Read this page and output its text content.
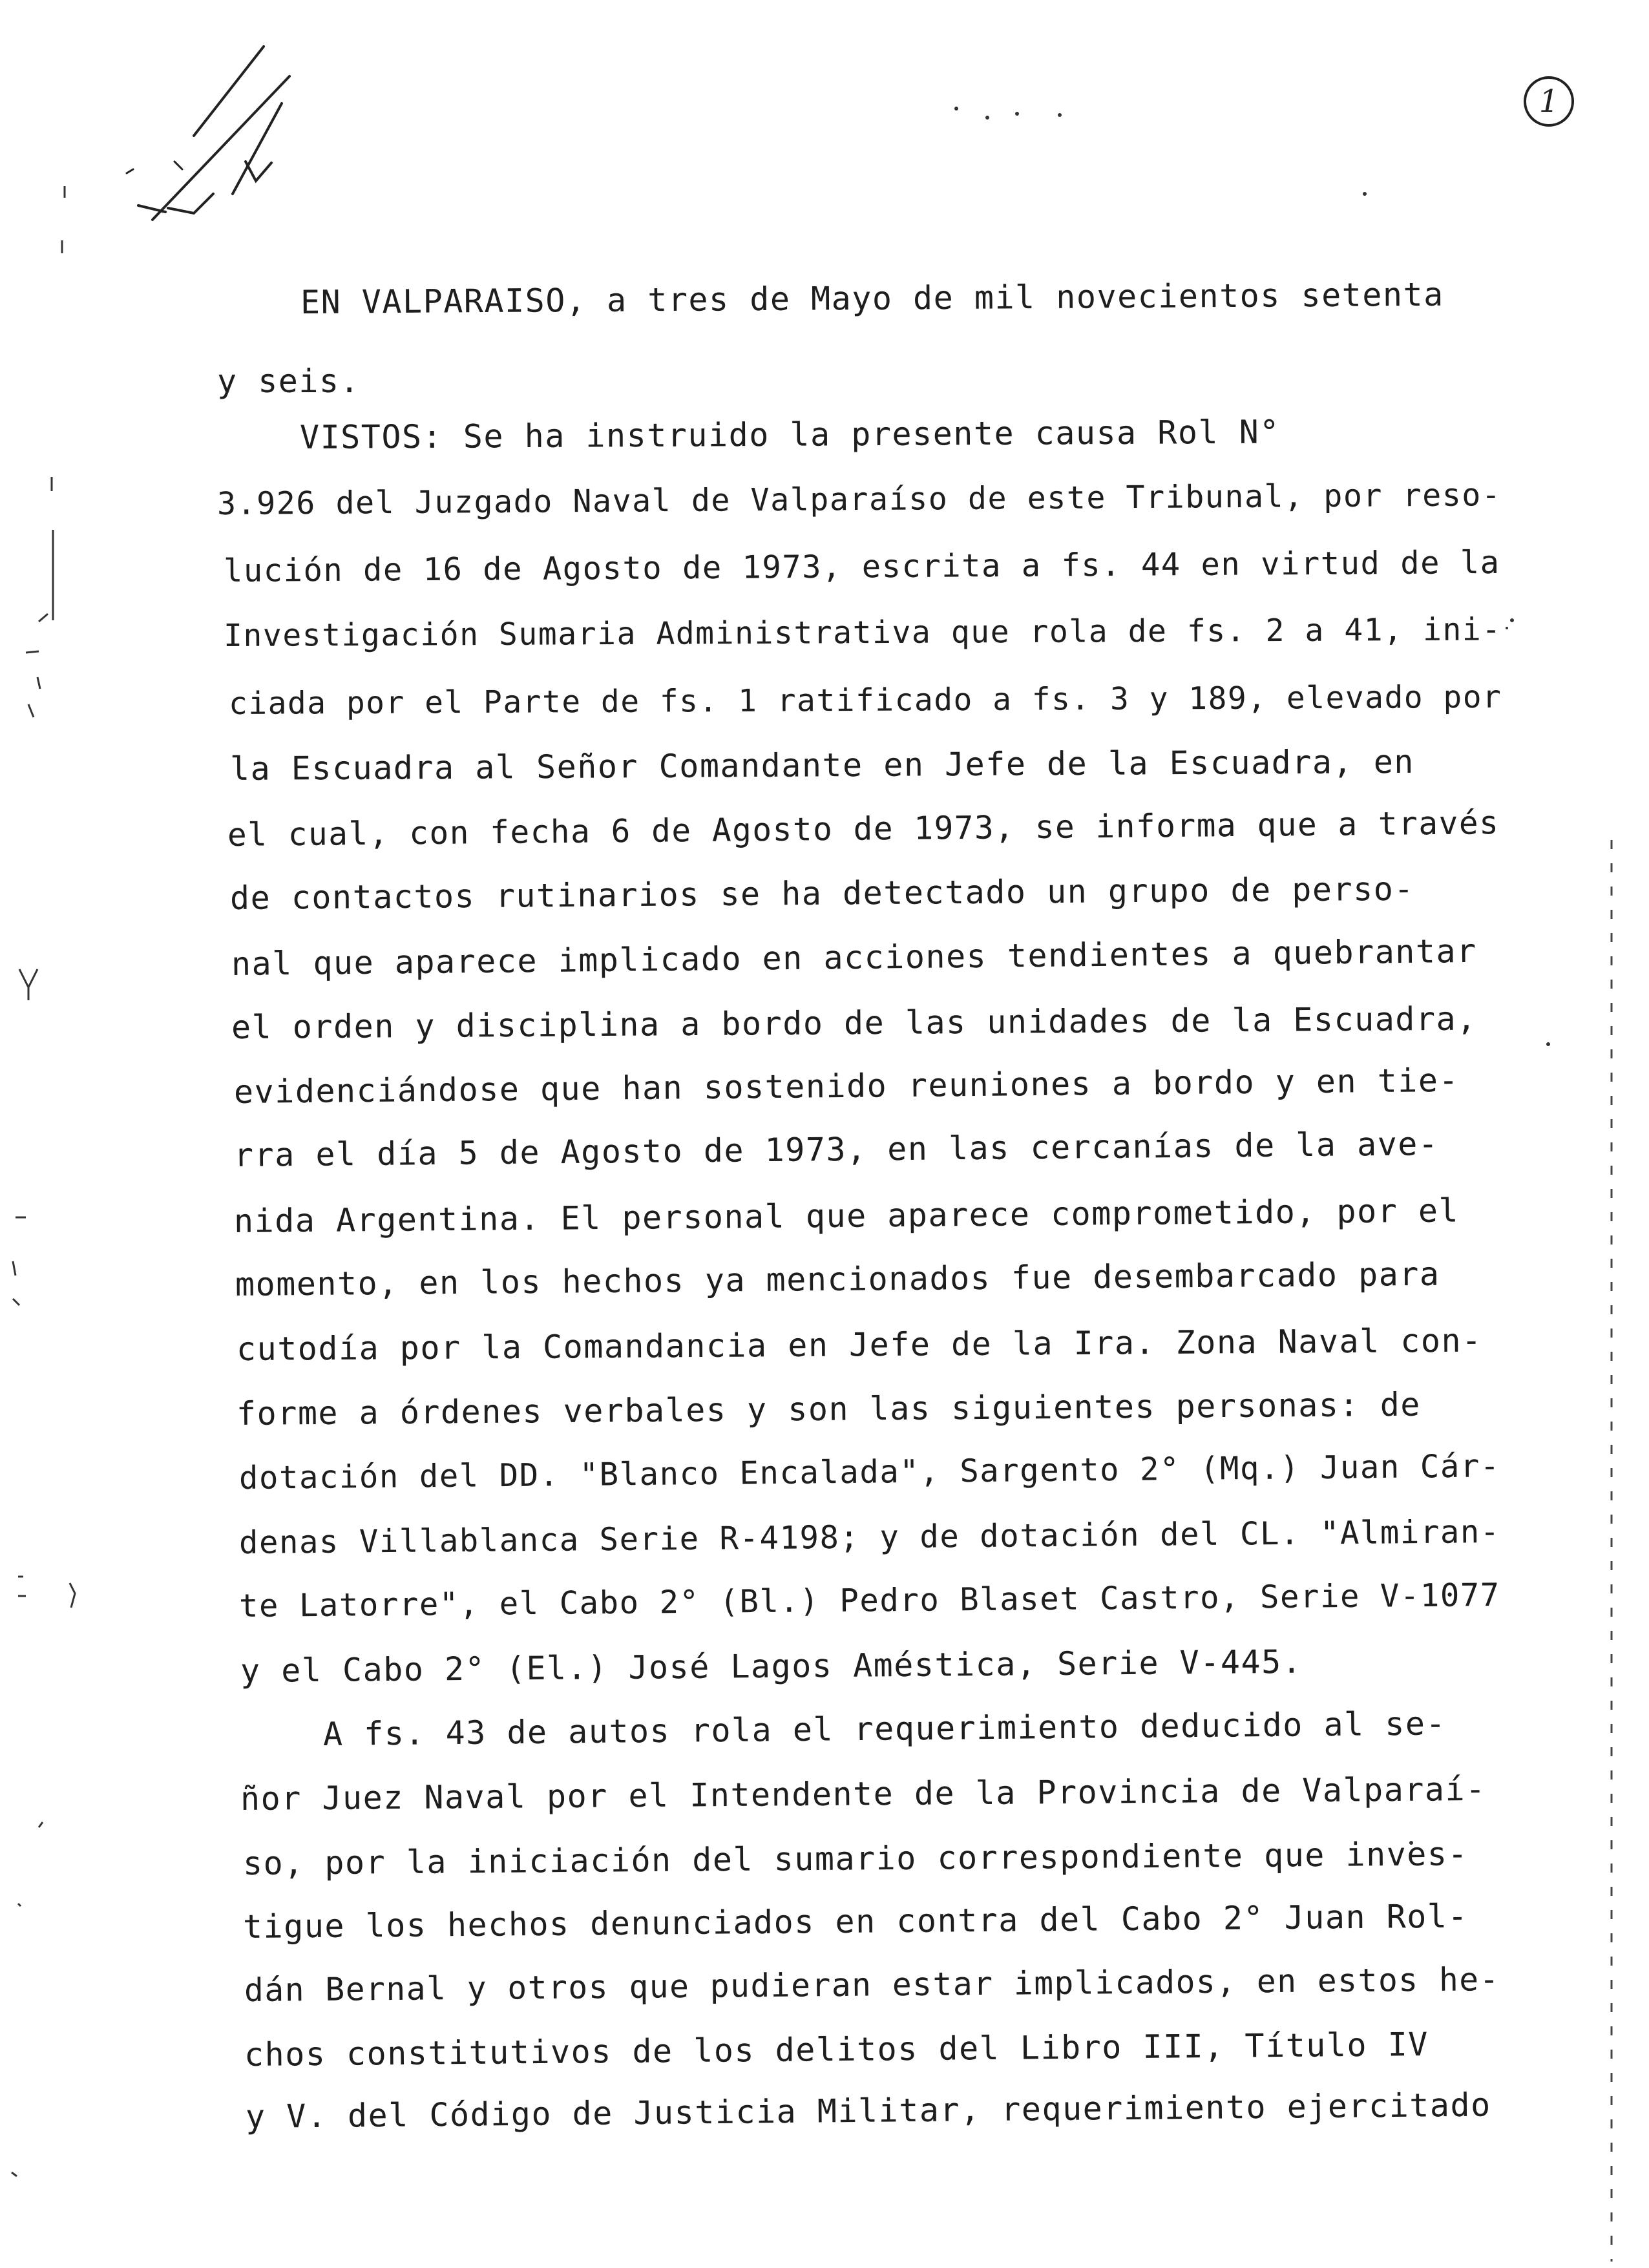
1
EN VALPARAISO, a tres de Mayo de mil novecientos setenta
y seis.
VISTOS: Se ha instruido la presente causa Rol N°
3.926 del Juzgado Naval de Valparaíso de este Tribunal, por reso-
lución de 16 de Agosto de 1973, escrita a fs. 44 en virtud de la
Investigación Sumaria Administrativa que rola de fs. 2 a 41, ini-
ciada por el Parte de fs. 1 ratificado a fs. 3 y 189, elevado por
la Escuadra al Señor Comandante en Jefe de la Escuadra, en
el cual, con fecha 6 de Agosto de 1973, se informa que a través
de contactos rutinarios se ha detectado un grupo de perso-
nal que aparece implicado en acciones tendientes a quebrantar
el orden y disciplina a bordo de las unidades de la Escuadra,
evidenciándose que han sostenido reuniones a bordo y en tie-
rra el día 5 de Agosto de 1973, en las cercanías de la ave-
nida Argentina. El personal que aparece comprometido, por el
momento, en los hechos ya mencionados fue desembarcado para
cutodía por la Comandancia en Jefe de la Ira. Zona Naval con-
forme a órdenes verbales y son las siguientes personas: de
dotación del DD. "Blanco Encalada", Sargento 2° (Mq.) Juan Cár-
denas Villablanca Serie R-4198; y de dotación del CL. "Almiran-
te Latorre", el Cabo 2° (Bl.) Pedro Blaset Castro, Serie V-1077
y el Cabo 2° (El.) José Lagos Améstica, Serie V-445.
A fs. 43 de autos rola el requerimiento deducido al se-
ñor Juez Naval por el Intendente de la Provincia de Valparaí-
so, por la iniciación del sumario correspondiente que inves-
tigue los hechos denunciados en contra del Cabo 2° Juan Rol-
dán Bernal y otros que pudieran estar implicados, en estos he-
chos constitutivos de los delitos del Libro III, Título IV
y V. del Código de Justicia Militar, requerimiento ejercitado
